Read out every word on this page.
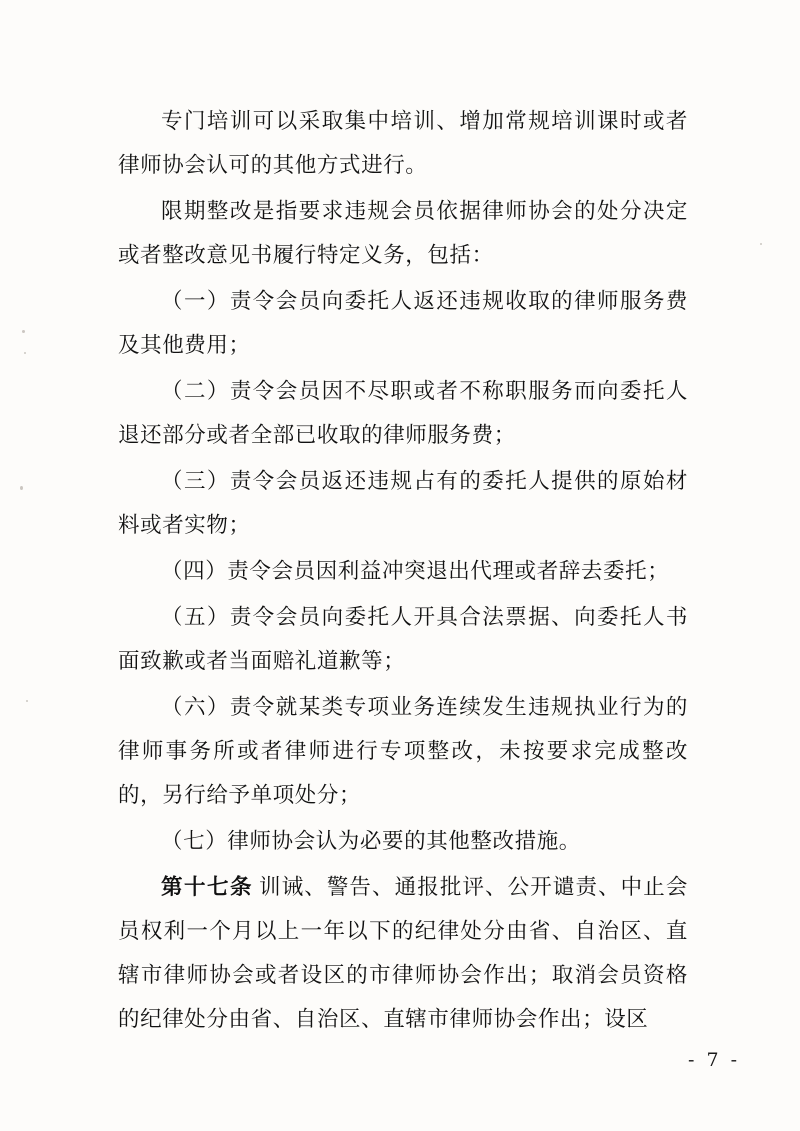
专门培训可以采取集中培训、增加常规培训课时或者律师协会认可的其他方式进行。

限期整改是指要求违规会员依据律师协会的处分决定或者整改意见书履行特定义务，包括：

（一）责令会员向委托人返还违规收取的律师服务费及其他费用；

（二）责令会员因不尽职或者不称职服务而向委托人退还部分或者全部已收取的律师服务费；

（三）责令会员返还违规占有的委托人提供的原始材料或者实物；

（四）责令会员因利益冲突退出代理或者辞去委托；

（五）责令会员向委托人开具合法票据、向委托人书面致歉或者当面赔礼道歉等；

（六）责令就某类专项业务连续发生违规执业行为的律师事务所或者律师进行专项整改，未按要求完成整改的，另行给予单项处分；

（七）律师协会认为必要的其他整改措施。

第十七条 训诫、警告、通报批评、公开谴责、中止会员权利一个月以上一年以下的纪律处分由省、自治区、直辖市律师协会或者设区的市律师协会作出；取消会员资格的纪律处分由省、自治区、直辖市律师协会作出；设区

- 7 -
